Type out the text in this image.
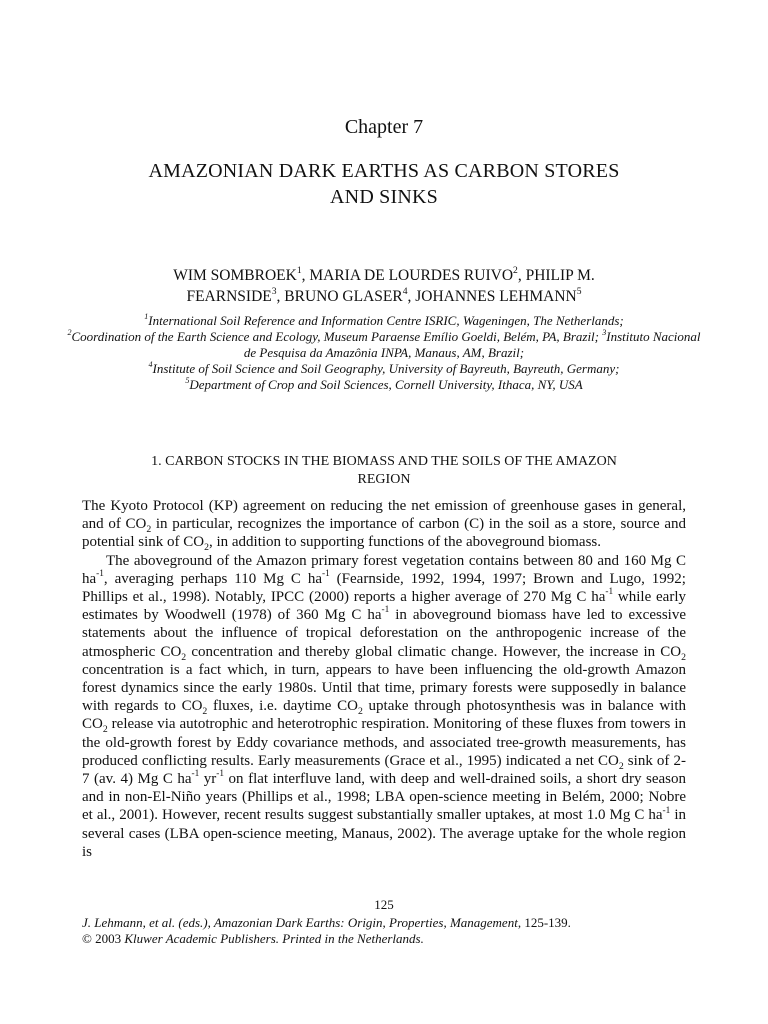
Chapter 7
AMAZONIAN DARK EARTHS AS CARBON STORES
AND SINKS
WIM SOMBROEK$^1$, MARIA DE LOURDES RUIVO$^2$, PHILIP M.
FEARNSIDE$^3$, BRUNO GLASER$^4$, JOHANNES LEHMANN$^5$
$^1$International Soil Reference and Information Centre ISRIC, Wageningen, The Netherlands;
$^2$Coordination of the Earth Science and Ecology, Museum Paraense Emílio Goeldi, Belém, PA, Brazil; $^3$Instituto Nacional de Pesquisa da Amazônia INPA, Manaus, AM, Brazil;
$^4$Institute of Soil Science and Soil Geography, University of Bayreuth, Bayreuth, Germany;
$^5$Department of Crop and Soil Sciences, Cornell University, Ithaca, NY, USA
1. CARBON STOCKS IN THE BIOMASS AND THE SOILS OF THE AMAZON
REGION

The Kyoto Protocol (KP) agreement on reducing the net emission of greenhouse gases in general, and of $CO_2$ in particular, recognizes the importance of carbon (C) in the soil as a store, source and potential sink of $CO_2$, in addition to supporting functions of the aboveground biomass.

The aboveground of the Amazon primary forest vegetation contains between 80 and 160 Mg C $ha^{-1}$, averaging perhaps 110 Mg C $ha^{-1}$ (Fearnside, 1992, 1994, 1997; Brown and Lugo, 1992; Phillips et al., 1998). Notably, IPCC (2000) reports a higher average of 270 Mg C $ha^{-1}$ while early estimates by Woodwell (1978) of 360 Mg C $ha^{-1}$ in aboveground biomass have led to excessive statements about the influence of tropical deforestation on the anthropogenic increase of the atmospheric $CO_2$ concentration and thereby global climatic change. However, the increase in $CO_2$ concentration is a fact which, in turn, appears to have been influencing the old-growth Amazon forest dynamics since the early 1980s. Until that time, primary forests were supposedly in balance with regards to $CO_2$ fluxes, i.e. daytime $CO_2$ uptake through photosynthesis was in balance with $CO_2$ release via autotrophic and heterotrophic respiration. Monitoring of these fluxes from towers in the old-growth forest by Eddy covariance methods, and associated tree-growth measurements, has produced conflicting results. Early measurements (Grace et al., 1995) indicated a net $CO_2$ sink of 2-7 (av. 4) Mg C $ha^{-1}$ $yr^{-1}$ on flat interfluve land, with deep and well-drained soils, a short dry season and in non-El-Niño years (Phillips et al., 1998; LBA open-science meeting in Belém, 2000; Nobre et al., 2001). However, recent results suggest substantially smaller uptakes, at most 1.0 Mg C $ha^{-1}$ in several cases (LBA open-science meeting, Manaus, 2002). The average uptake for the whole region is

125
J. Lehmann, et al. (eds.), Amazonian Dark Earths: Origin, Properties, Management, 125-139.
© 2003 Kluwer Academic Publishers. Printed in the Netherlands.
